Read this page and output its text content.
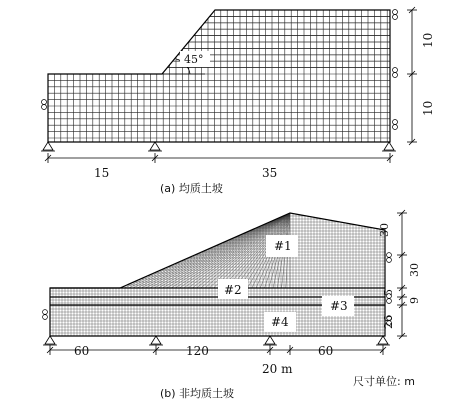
45°
15	35
10
10
(a) 均质土坡
#1
#2
#3
#4
30
30
5
9
26
60	120	60
20 m
尺寸单位: m
(b) 非均质土坡
